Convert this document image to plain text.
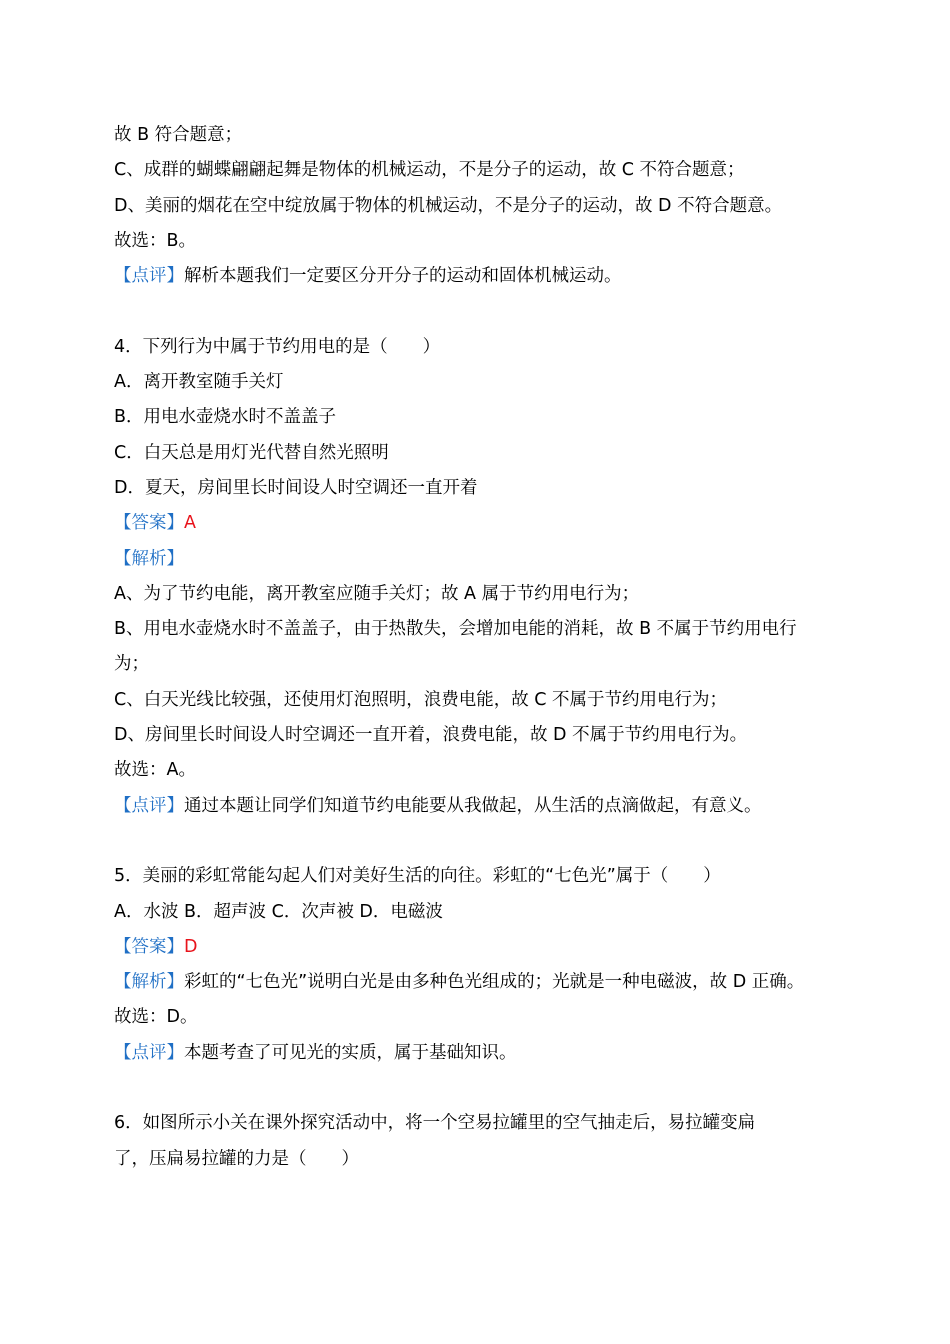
故 B 符合题意；
C、成群的蝴蝶翩翩起舞是物体的机械运动，不是分子的运动，故 C 不符合题意；
D、美丽的烟花在空中绽放属于物体的机械运动，不是分子的运动，故 D 不符合题意。
故选：B。
【点评】解析本题我们一定要区分开分子的运动和固体机械运动。
4．下列行为中属于节约用电的是（　　）
A．离开教室随手关灯
B．用电水壶烧水时不盖盖子
C．白天总是用灯光代替自然光照明
D．夏天，房间里长时间设人时空调还一直开着
【答案】A
【解析】
A、为了节约电能，离开教室应随手关灯；故 A 属于节约用电行为；
B、用电水壶烧水时不盖盖子，由于热散失，会增加电能的消耗，故 B 不属于节约用电行
为；
C、白天光线比较强，还使用灯泡照明，浪费电能，故 C 不属于节约用电行为；
D、房间里长时间设人时空调还一直开着，浪费电能，故 D 不属于节约用电行为。
故选：A。
【点评】通过本题让同学们知道节约电能要从我做起，从生活的点滴做起，有意义。
5．美丽的彩虹常能勾起人们对美好生活的向往。彩虹的“七色光”属于（　　）
A．水波 B．超声波 C．次声被 D．电磁波
【答案】D
【解析】彩虹的“七色光”说明白光是由多种色光组成的；光就是一种电磁波，故 D 正确。
故选：D。
【点评】本题考查了可见光的实质，属于基础知识。
6．如图所示小关在课外探究活动中，将一个空易拉罐里的空气抽走后，易拉罐变扁
了，压扁易拉罐的力是（　　）
